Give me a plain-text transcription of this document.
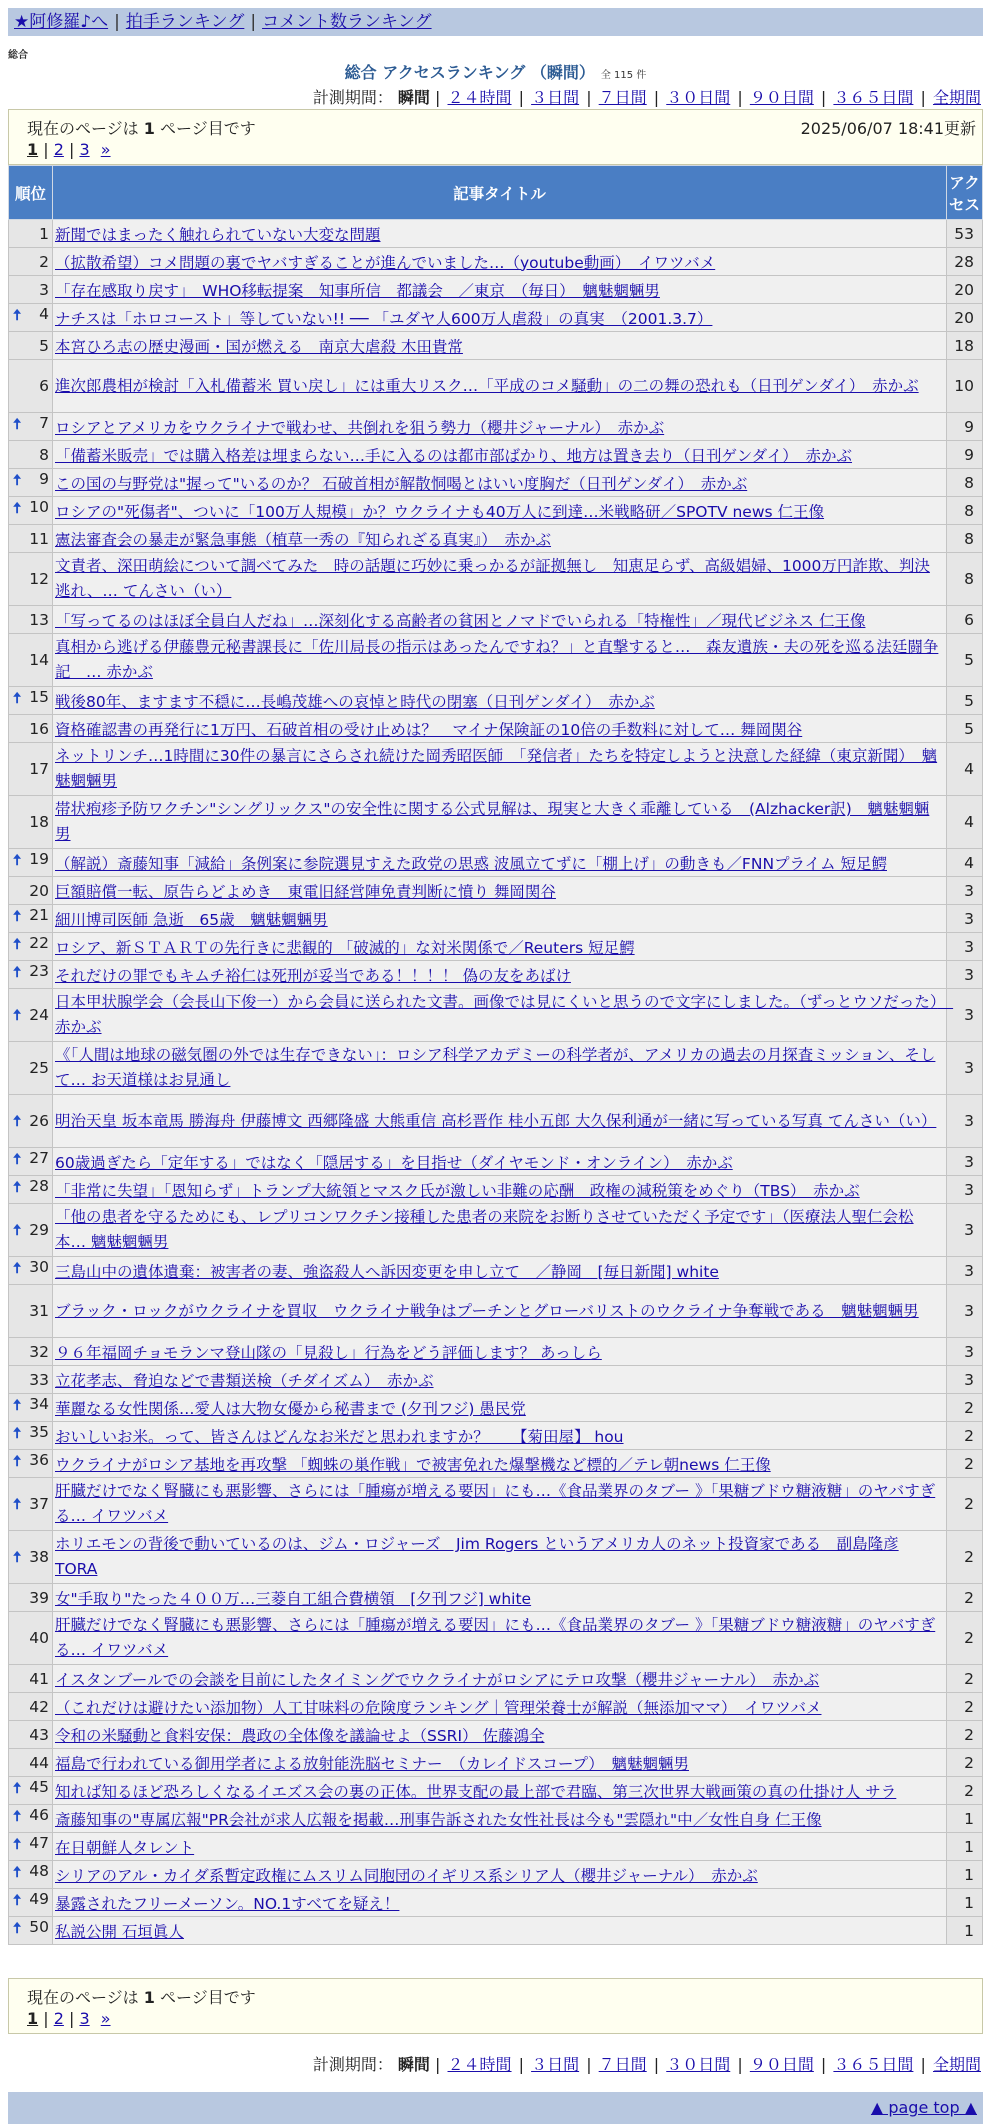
★阿修羅♪へ | 拍手ランキング | コメント数ランキング
総合
総合 アクセスランキング （瞬間） 全 115 件
計測期間： 瞬間 | ２４時間 | ３日間 | ７日間 | ３０日間 | ９０日間 | ３６５日間 | 全期間
現在のページは 1 ページ目です	2025/06/07 18:41更新
1 | 2 | 3 »
順位	記事タイトル	アクセス
1	新聞ではまったく触れられていない大変な問題	53
2	（拡散希望）コメ問題の裏でヤバすぎることが進んでいました…（youtube動画）　イワツバメ	28
3	「存在感取り戻す」　WHO移転提案　知事所信　都議会　／東京　（毎日）　魑魅魍魎男	20

🠅 4	ナチスは「ホロコースト」等していない!! ── 「ユダヤ人600万人虐殺」の真実　（2001.3.7）	20
5	本宮ひろ志の歴史漫画・国が燃える　南京大虐殺 木田貴常	18
6	進次郎農相が検討「入札備蓄米 買い戻し」には重大リスク…「平成のコメ騒動」の二の舞の恐れも（日刊ゲンダイ）　赤かぶ	10

🠅 7	ロシアとアメリカをウクライナで戦わせ、共倒れを狙う勢力（櫻井ジャーナル）　赤かぶ	9
8	「備蓄米販売」では購入格差は埋まらない…手に入るのは都市部ばかり、地方は置き去り（日刊ゲンダイ）　赤かぶ	9

🠅 9	この国の与野党は"握って"いるのか？ 石破首相が解散恫喝とはいい度胸だ（日刊ゲンダイ）　赤かぶ	8

🠅 10	ロシアの"死傷者"、ついに「100万人規模」か？ウクライナも40万人に到達…米戦略研／SPOTV news 仁王像	8
11	憲法審査会の暴走が緊急事態（植草一秀の『知られざる真実』）　赤かぶ	8
12	文責者、深田萌絵について調べてみた　時の話題に巧妙に乗っかるが証拠無し　知恵足らず、高級娼婦、1000万円詐欺、判決逃れ、… てんさい（い）	8
13	「写ってるのはほぼ全員白人だね」…深刻化する高齢者の貧困とノマドでいられる「特権性」／現代ビジネス 仁王像	6
14	真相から逃げる伊藤豊元秘書課長に「佐川局長の指示はあったんですね？」と直撃すると…　森友遺族・夫の死を巡る法廷闘争記　… 赤かぶ	5

🠅 15	戦後80年、ますます不穏に…長嶋茂雄への哀悼と時代の閉塞（日刊ゲンダイ）　赤かぶ	5
16	資格確認書の再発行に1万円、石破首相の受け止めは？　マイナ保険証の10倍の手数料に対して… 舞岡関谷	5
17	ネットリンチ…1時間に30件の暴言にさらされ続けた岡秀昭医師　「発信者」たちを特定しようと決意した経緯（東京新聞）　魑魅魍魎男	4
18	帯状疱疹予防ワクチン"シングリックス"の安全性に関する公式見解は、現実と大きく乖離している　(Alzhacker訳)　魑魅魍魎男	4

🠅 19	（解説）斎藤知事「減給」条例案に参院選見すえた政党の思惑 波風立てずに「棚上げ」の動きも／FNNプライム 短足鰐	4
20	巨額賠償一転、原告らどよめき　東電旧経営陣免責判断に憤り 舞岡関谷	3

🠅 21	細川博司医師 急逝　65歳　魑魅魍魎男	3

🠅 22	ロシア、新ＳＴＡＲＴの先行きに悲観的 「破滅的」な対米関係で／Reuters 短足鰐	3

🠅 23	それだけの罪でもキムチ裕仁は死刑が妥当である！！！！ 偽の友をあばけ	3

🠅 24	日本甲状腺学会（会長山下俊一）から会員に送られた文書。画像では見にくいと思うので文字にしました。（ずっとウソだった）　赤かぶ	3
25	《「人間は地球の磁気圏の外では生存できない」：ロシア科学アカデミーの科学者が、アメリカの過去の月探査ミッション、そして… お天道様はお見通し	3

🠅 26	明治天皇 坂本竜馬 勝海舟 伊藤博文 西郷隆盛 大熊重信 高杉晋作 桂小五郎 大久保利通が一緒に写っている写真 てんさい（い）	3

🠅 27	60歳過ぎたら「定年する」ではなく「隠居する」を目指せ（ダイヤモンド・オンライン）　赤かぶ	3

🠅 28	「非常に失望」「恩知らず」トランプ大統領とマスク氏が激しい非難の応酬　政権の減税策をめぐり（TBS）　赤かぶ	3

🠅 29	「他の患者を守るためにも、レプリコンワクチン接種した患者の来院をお断りさせていただく予定です」（医療法人聖仁会松本… 魑魅魍魎男	3

🠅 30	三島山中の遺体遺棄：被害者の妻、強盗殺人へ訴因変更を申し立て　／静岡　[毎日新聞] white	3
31	ブラック・ロックがウクライナを買収　ウクライナ戦争はプーチンとグローバリストのウクライナ争奪戦である　魑魅魍魎男	3
32	９６年福岡チョモランマ登山隊の「見殺し」行為をどう評価します？ あっしら	3
33	立花孝志、脅迫などで書類送検（チダイズム）　赤かぶ	3

🠅 34	華麗なる女性関係…愛人は大物女優から秘書まで (夕刊フジ) 愚民党	2

🠅 35	おいしいお米。って、皆さんはどんなお米だと思われますか？　　【菊田屋】 hou	2

🠅 36	ウクライナがロシア基地を再攻撃 「蜘蛛の巣作戦」で被害免れた爆撃機など標的／テレ朝news 仁王像	2

🠅 37	肝臓だけでなく腎臓にも悪影響、さらには「腫瘍が増える要因」にも…《食品業界のタブー 》「果糖ブドウ糖液糖」のヤバすぎる… イワツバメ	2

🠅 38	ホリエモンの背後で動いているのは、ジム・ロジャーズ　Jim Rogers というアメリカ人のネット投資家である　副島隆彦 TORA	2
39	女"手取り"たった４００万…三菱自工組合費横領　[夕刊フジ] white	2
40	肝臓だけでなく腎臓にも悪影響、さらには「腫瘍が増える要因」にも…《食品業界のタブー 》「果糖ブドウ糖液糖」のヤバすぎる… イワツバメ	2
41	イスタンブールでの会談を目前にしたタイミングでウクライナがロシアにテロ攻撃（櫻井ジャーナル）　赤かぶ	2
42	（これだけは避けたい添加物）人工甘味料の危険度ランキング｜管理栄養士が解説（無添加ママ）　イワツバメ	2
43	令和の米騒動と食料安保：農政の全体像を議論せよ（SSRI） 佐藤鴻全	2
44	福島で行われている御用学者による放射能洗脳セミナー　（カレイドスコープ）　魑魅魍魎男	2

🠅 45	知れば知るほど恐ろしくなるイエズス会の裏の正体。世界支配の最上部で君臨、第三次世界大戦画策の真の仕掛け人 サラ	2

🠅 46	斎藤知事の"専属広報"PR会社が求人広報を掲載…刑事告訴された女性社長は今も"雲隠れ"中／女性自身 仁王像	1

🠅 47	在日朝鮮人タレント	1

🠅 48	シリアのアル・カイダ系暫定政権にムスリム同胞団のイギリス系シリア人（櫻井ジャーナル）　赤かぶ	1

🠅 49	暴露されたフリーメーソン。NO.1すべてを疑え！	1

🠅 50	私説公開 石垣眞人	1
現在のページは 1 ページ目です
1 | 2 | 3 »
計測期間： 瞬間 | ２４時間 | ３日間 | ７日間 | ３０日間 | ９０日間 | ３６５日間 | 全期間
▲ page top ▲
